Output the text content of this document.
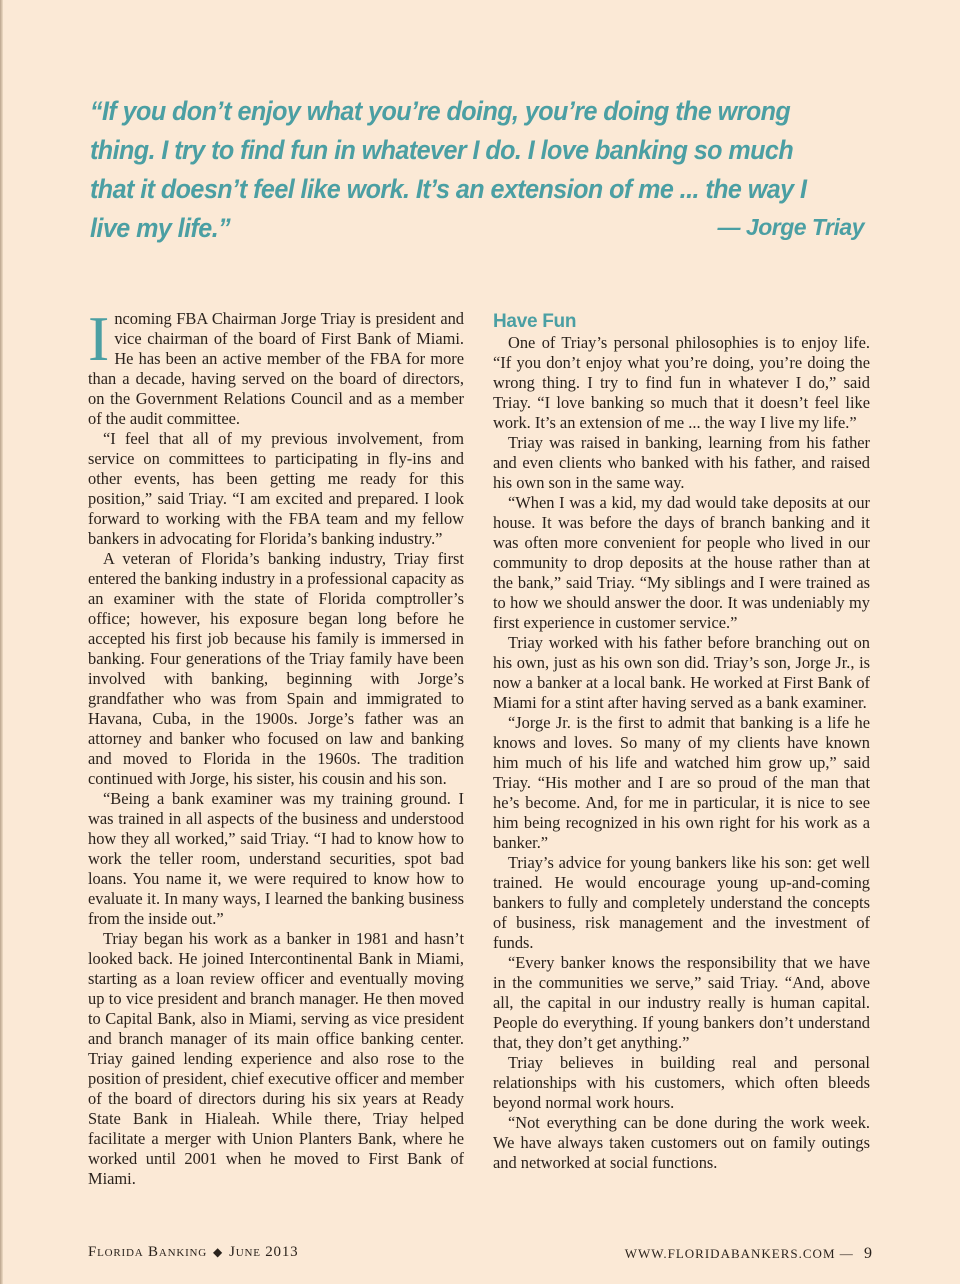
“If you don’t enjoy what you’re doing, you’re doing the wrong thing. I try to find fun in whatever I do. I love banking so much that it doesn’t feel like work. It’s an extension of me ... the way I live my life.”	— Jorge Triay

Incoming FBA Chairman Jorge Triay is president and vice chairman of the board of First Bank of Miami. He has been an active member of the FBA for more than a decade, having served on the board of directors, on the Government Relations Council and as a member of the audit committee.

“I feel that all of my previous involvement, from service on committees to participating in fly-ins and other events, has been getting me ready for this position,” said Triay. “I am excited and prepared. I look forward to working with the FBA team and my fellow bankers in advocating for Florida’s banking industry.”

A veteran of Florida’s banking industry, Triay first entered the banking industry in a professional capacity as an examiner with the state of Florida comptroller’s office; however, his exposure began long before he accepted his first job because his family is immersed in banking. Four generations of the Triay family have been involved with banking, beginning with Jorge’s grandfather who was from Spain and immigrated to Havana, Cuba, in the 1900s. Jorge’s father was an attorney and banker who focused on law and banking and moved to Florida in the 1960s. The tradition continued with Jorge, his sister, his cousin and his son.

“Being a bank examiner was my training ground. I was trained in all aspects of the business and understood how they all worked,” said Triay. “I had to know how to work the teller room, understand securities, spot bad loans. You name it, we were required to know how to evaluate it. In many ways, I learned the banking business from the inside out.”

Triay began his work as a banker in 1981 and hasn’t looked back. He joined Intercontinental Bank in Miami, starting as a loan review officer and eventually moving up to vice president and branch manager. He then moved to Capital Bank, also in Miami, serving as vice president and branch manager of its main office banking center. Triay gained lending experience and also rose to the position of president, chief executive officer and member of the board of directors during his six years at Ready State Bank in Hialeah. While there, Triay helped facilitate a merger with Union Planters Bank, where he worked until 2001 when he moved to First Bank of Miami.

Have Fun

One of Triay’s personal philosophies is to enjoy life. “If you don’t enjoy what you’re doing, you’re doing the wrong thing. I try to find fun in whatever I do,” said Triay. “I love banking so much that it doesn’t feel like work. It’s an extension of me ... the way I live my life.”

Triay was raised in banking, learning from his father and even clients who banked with his father, and raised his own son in the same way.

“When I was a kid, my dad would take deposits at our house. It was before the days of branch banking and it was often more convenient for people who lived in our community to drop deposits at the house rather than at the bank,” said Triay. “My siblings and I were trained as to how we should answer the door. It was undeniably my first experience in customer service.”

Triay worked with his father before branching out on his own, just as his own son did. Triay’s son, Jorge Jr., is now a banker at a local bank. He worked at First Bank of Miami for a stint after having served as a bank examiner.

“Jorge Jr. is the first to admit that banking is a life he knows and loves. So many of my clients have known him much of his life and watched him grow up,” said Triay. “His mother and I are so proud of the man that he’s become. And, for me in particular, it is nice to see him being recognized in his own right for his work as a banker.”

Triay’s advice for young bankers like his son: get well trained. He would encourage young up-and-coming bankers to fully and completely understand the concepts of business, risk management and the investment of funds.

“Every banker knows the responsibility that we have in the communities we serve,” said Triay. “And, above all, the capital in our industry really is human capital. People do everything. If young bankers don’t understand that, they don’t get anything.”

Triay believes in building real and personal relationships with his customers, which often bleeds beyond normal work hours.

“Not everything can be done during the work week. We have always taken customers out on family outings and networked at social functions.

Florida Banking ◆ June 2013	WWW.FLORIDABANKERS.COM — 9
